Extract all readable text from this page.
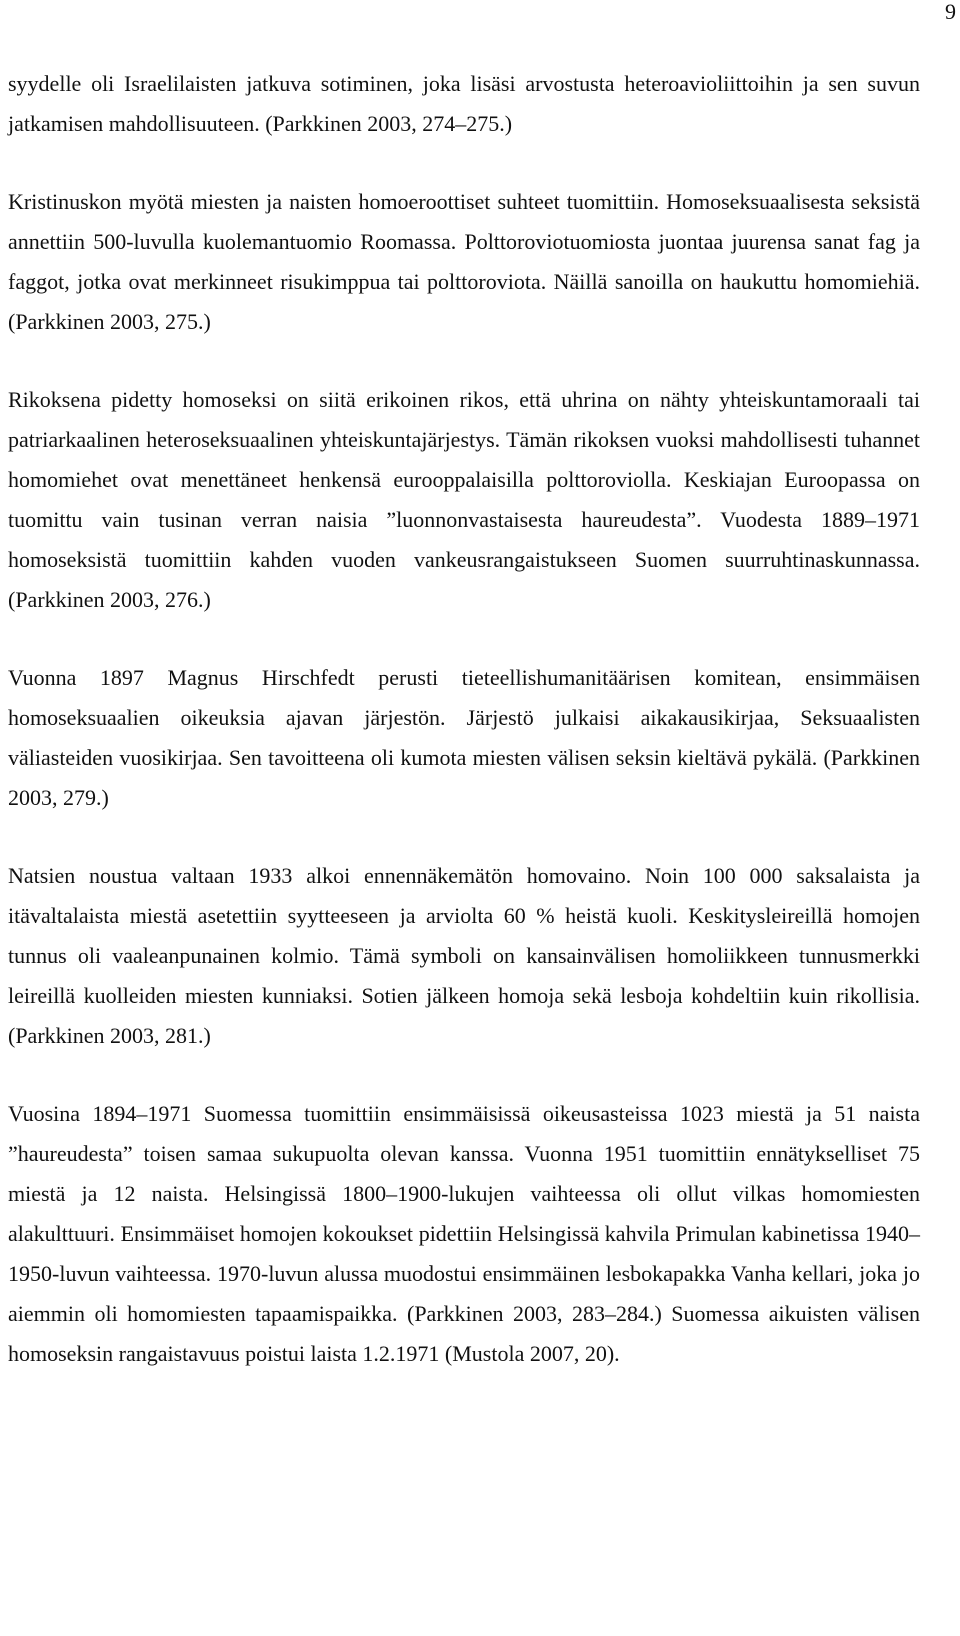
9

syydelle oli Israelilaisten jatkuva sotiminen, joka lisäsi arvostusta heteroavioliittoihin ja sen suvun jatkamisen mahdollisuuteen. (Parkkinen 2003, 274–275.)

Kristinuskon myötä miesten ja naisten homoeroottiset suhteet tuomittiin. Homoseksuaalisesta seksistä annettiin 500-luvulla kuolemantuomio Roomassa. Polttoroviotuomiosta juontaa juurensa sanat fag ja faggot, jotka ovat merkinneet risukimppua tai polttoroviota. Näillä sanoilla on haukuttu homomiehiä. (Parkkinen 2003, 275.)

Rikoksena pidetty homoseksi on siitä erikoinen rikos, että uhrina on nähty yhteiskuntamoraali tai patriarkaalinen heteroseksuaalinen yhteiskuntajärjestys. Tämän rikoksen vuoksi mahdollisesti tuhannet homomiehet ovat menettäneet henkensä eurooppalaisilla polttoroviolla. Keskiajan Euroopassa on tuomittu vain tusinan verran naisia ”luonnonvastaisesta haureudesta”. Vuodesta 1889–1971 homoseksistä tuomittiin kahden vuoden vankeusrangaistukseen Suomen suurruhtinaskunnassa. (Parkkinen 2003, 276.)

Vuonna 1897 Magnus Hirschfedt perusti tieteellishumanitäärisen komitean, ensimmäisen homoseksuaalien oikeuksia ajavan järjestön. Järjestö julkaisi aikakausikirjaa, Seksuaalisten väliasteiden vuosikirjaa. Sen tavoitteena oli kumota miesten välisen seksin kieltävä pykälä. (Parkkinen 2003, 279.)

Natsien noustua valtaan 1933 alkoi ennennäkemätön homovaino. Noin 100 000 saksalaista ja itävaltalaista miestä asetettiin syytteeseen ja arviolta 60 % heistä kuoli. Keskitysleireillä homojen tunnus oli vaaleanpunainen kolmio. Tämä symboli on kansainvälisen homoliikkeen tunnusmerkki leireillä kuolleiden miesten kunniaksi. Sotien jälkeen homoja sekä lesboja kohdeltiin kuin rikollisia. (Parkkinen 2003, 281.)

Vuosina 1894–1971 Suomessa tuomittiin ensimmäisissä oikeusasteissa 1023 miestä ja 51 naista ”haureudesta” toisen samaa sukupuolta olevan kanssa. Vuonna 1951 tuomittiin ennätykselliset 75 miestä ja 12 naista. Helsingissä 1800–1900-lukujen vaihteessa oli ollut vilkas homomiesten alakulttuuri. Ensimmäiset homojen kokoukset pidettiin Helsingissä kahvila Primulan kabinetissa 1940–1950-luvun vaihteessa. 1970-luvun alussa muodostui ensimmäinen lesbokapakka Vanha kellari, joka jo aiemmin oli homomiesten tapaamispaikka. (Parkkinen 2003, 283–284.) Suomessa aikuisten välisen homoseksin rangaistavuus poistui laista 1.2.1971 (Mustola 2007, 20).
